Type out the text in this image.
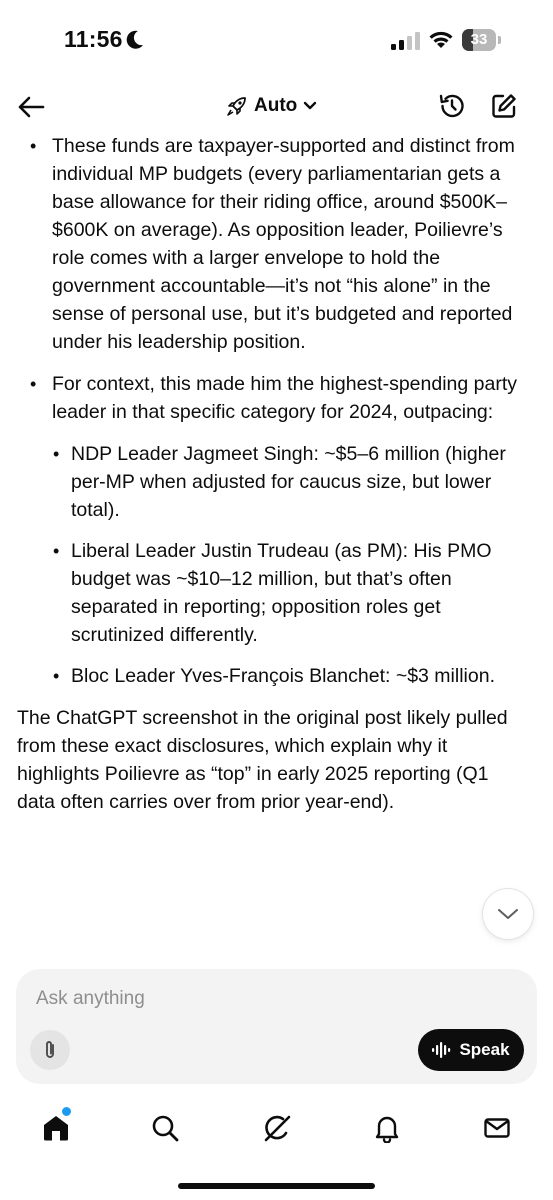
11:56	33
Auto
• These funds are taxpayer-supported and distinct from individual MP budgets (every parliamentarian gets a base allowance for their riding office, around $500K–$600K on average). As opposition leader, Poilievre’s role comes with a larger envelope to hold the government accountable—it’s not “his alone” in the sense of personal use, but it’s budgeted and reported under his leadership position.
• For context, this made him the highest-spending party leader in that specific category for 2024, outpacing:
• NDP Leader Jagmeet Singh: ~$5–6 million (higher per-MP when adjusted for caucus size, but lower total).
• Liberal Leader Justin Trudeau (as PM): His PMO budget was ~$10–12 million, but that’s often separated in reporting; opposition roles get scrutinized differently.
• Bloc Leader Yves-François Blanchet: ~$3 million.

The ChatGPT screenshot in the original post likely pulled from these exact disclosures, which explain why it highlights Poilievre as “top” in early 2025 reporting (Q1 data often carries over from prior year-end).

Ask anything
Speak
